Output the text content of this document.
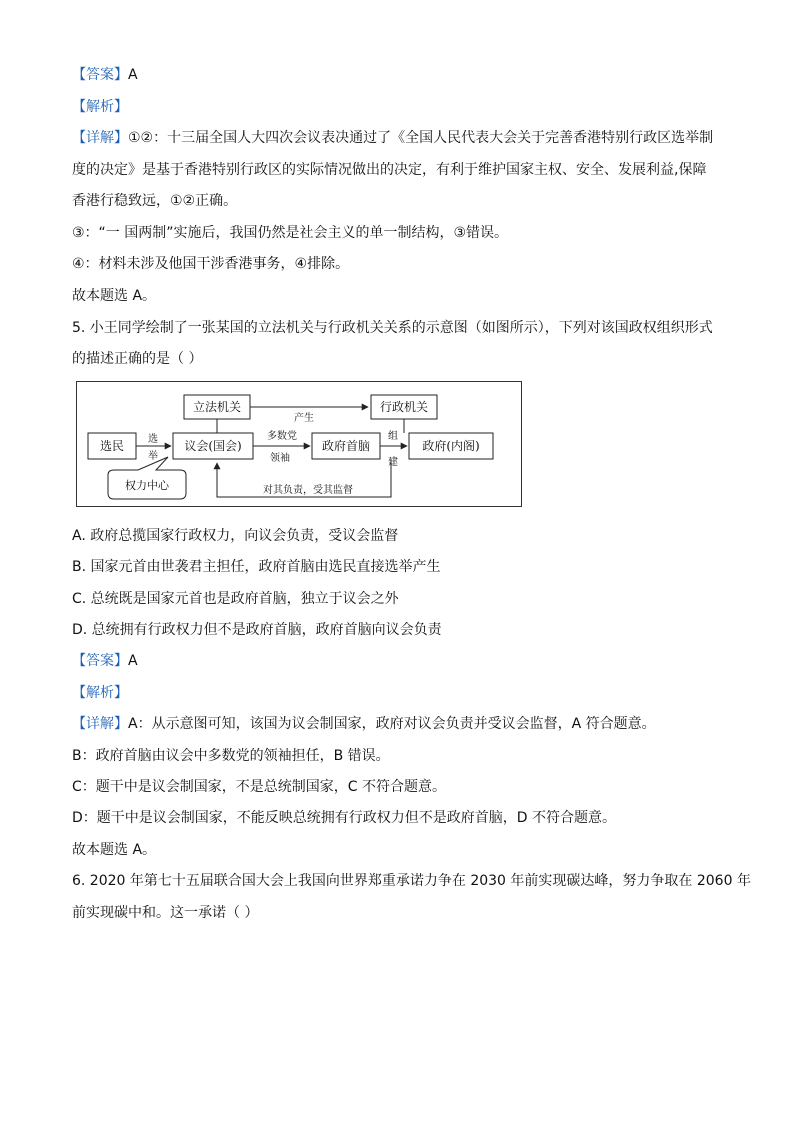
【答案】A
【解析】
【详解】①②：十三届全国人大四次会议表决通过了《全国人民代表大会关于完善香港特别行政区选举制
度的决定》是基于香港特别行政区的实际情况做出的决定，有利于维护国家主权、安全、发展利益,保障
香港行稳致远，①②正确。
③：“一 国两制”实施后，我国仍然是社会主义的单一制结构，③错误。
④：材料未涉及他国干涉香港事务，④排除。
故本题选 A。
5. 小王同学绘制了一张某国的立法机关与行政机关关系的示意图（如图所示），下列对该国政权组织形式
的描述正确的是（ ）
立法机关	行政机关
产生
选民 选
举
议会(国会)
多数党
领袖
政府首脑
组
建
政府(内阁)
对其负责，受其监督
权力中心
A. 政府总揽国家行政权力，向议会负责，受议会监督
B. 国家元首由世袭君主担任，政府首脑由选民直接选举产生
C. 总统既是国家元首也是政府首脑，独立于议会之外
D. 总统拥有行政权力但不是政府首脑，政府首脑向议会负责
【答案】A
【解析】
【详解】A：从示意图可知，该国为议会制国家，政府对议会负责并受议会监督，A 符合题意。
B：政府首脑由议会中多数党的领袖担任，B 错误。
C：题干中是议会制国家，不是总统制国家，C 不符合题意。
D：题干中是议会制国家，不能反映总统拥有行政权力但不是政府首脑，D 不符合题意。
故本题选 A。
6. 2020 年第七十五届联合国大会上我国向世界郑重承诺力争在 2030 年前实现碳达峰，努力争取在 2060 年
前实现碳中和。这一承诺（ ）
